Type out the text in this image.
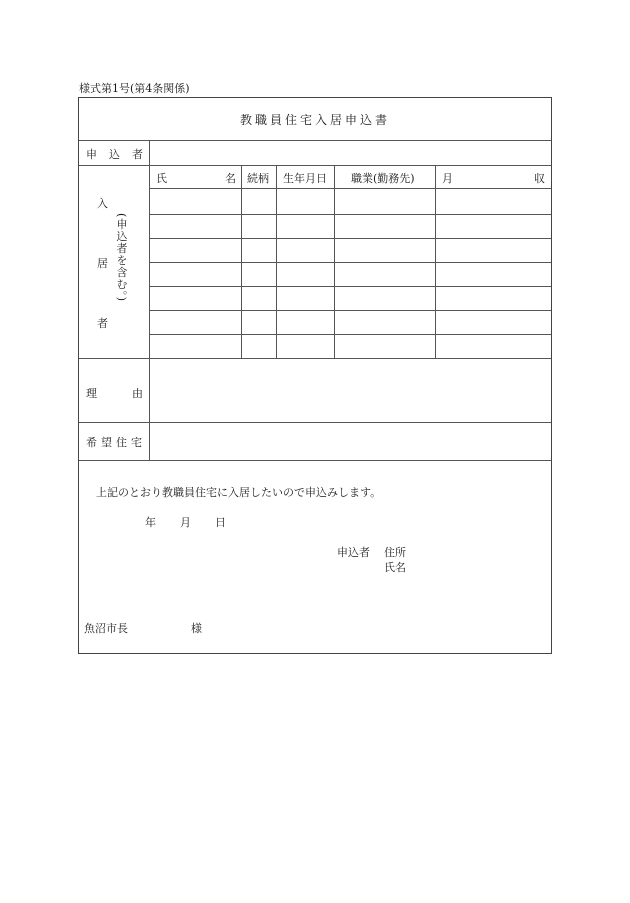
様式第1号(第4条関係)
教職員住宅入居申込書
申込者
入
(申込者を含む。)
居
者
氏	名 続柄 生年月日 職業(勤務先) 月	収
理	由
希望住宅
上記のとおり教職員住宅に入居したいので申込みします。
年 月 日
申込者 住所
氏名
魚沼市長	様
